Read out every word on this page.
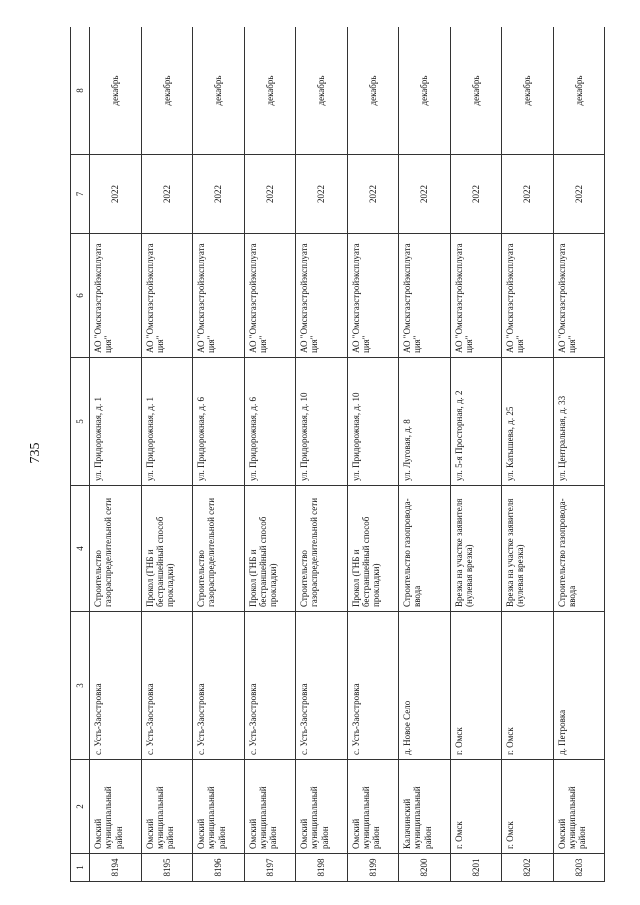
735
1	2	3	4	5	6	7	8
8194	Омский муниципальный район	с. Усть-Заостровка	Строительство газораспределительной сети	ул. Придорожная, д. 1	АО "Омскгазстройэксплуата ция"	2022	декабрь
8195	Омский муниципальный район	с. Усть-Заостровка	Прокол (ГНБ и бестраншейный способ прокладки)	ул. Придорожная, д. 1	АО "Омскгазстройэксплуата ция"	2022	декабрь
8196	Омский муниципальный район	с. Усть-Заостровка	Строительство газораспределительной сети	ул. Придорожная, д. 6	АО "Омскгазстройэксплуата ция"	2022	декабрь
8197	Омский муниципальный район	с. Усть-Заостровка	Прокол (ГНБ и бестраншейный способ прокладки)	ул. Придорожная, д. 6	АО "Омскгазстройэксплуата ция"	2022	декабрь
8198	Омский муниципальный район	с. Усть-Заостровка	Строительство газораспределительной сети	ул. Придорожная, д. 10	АО "Омскгазстройэксплуата ция"	2022	декабрь
8199	Омский муниципальный район	с. Усть-Заостровка	Прокол (ГНБ и бестраншейный способ прокладки)	ул. Придорожная, д. 10	АО "Омскгазстройэксплуата ция"	2022	декабрь
8200	Калачинский муниципальный район	д. Новое Село	Строительство газопровода-ввода	ул. Луговая, д. 8	АО "Омскгазстройэксплуата ция"	2022	декабрь
8201	г. Омск	г. Омск	Врезка на участке заявителя (нулевая врезка)	ул. 5-я Просторная, д. 2	АО "Омскгазстройэксплуата ция"	2022	декабрь
8202	г. Омск	г. Омск	Врезка на участке заявителя (нулевая врезка)	ул. Катышева, д. 25	АО "Омскгазстройэксплуата ция"	2022	декабрь
8203	Омский муниципальный район	д. Петровка	Строительство газопровода-ввода	ул. Центральная, д. 33	АО "Омскгазстройэксплуата ция"	2022	декабрь
